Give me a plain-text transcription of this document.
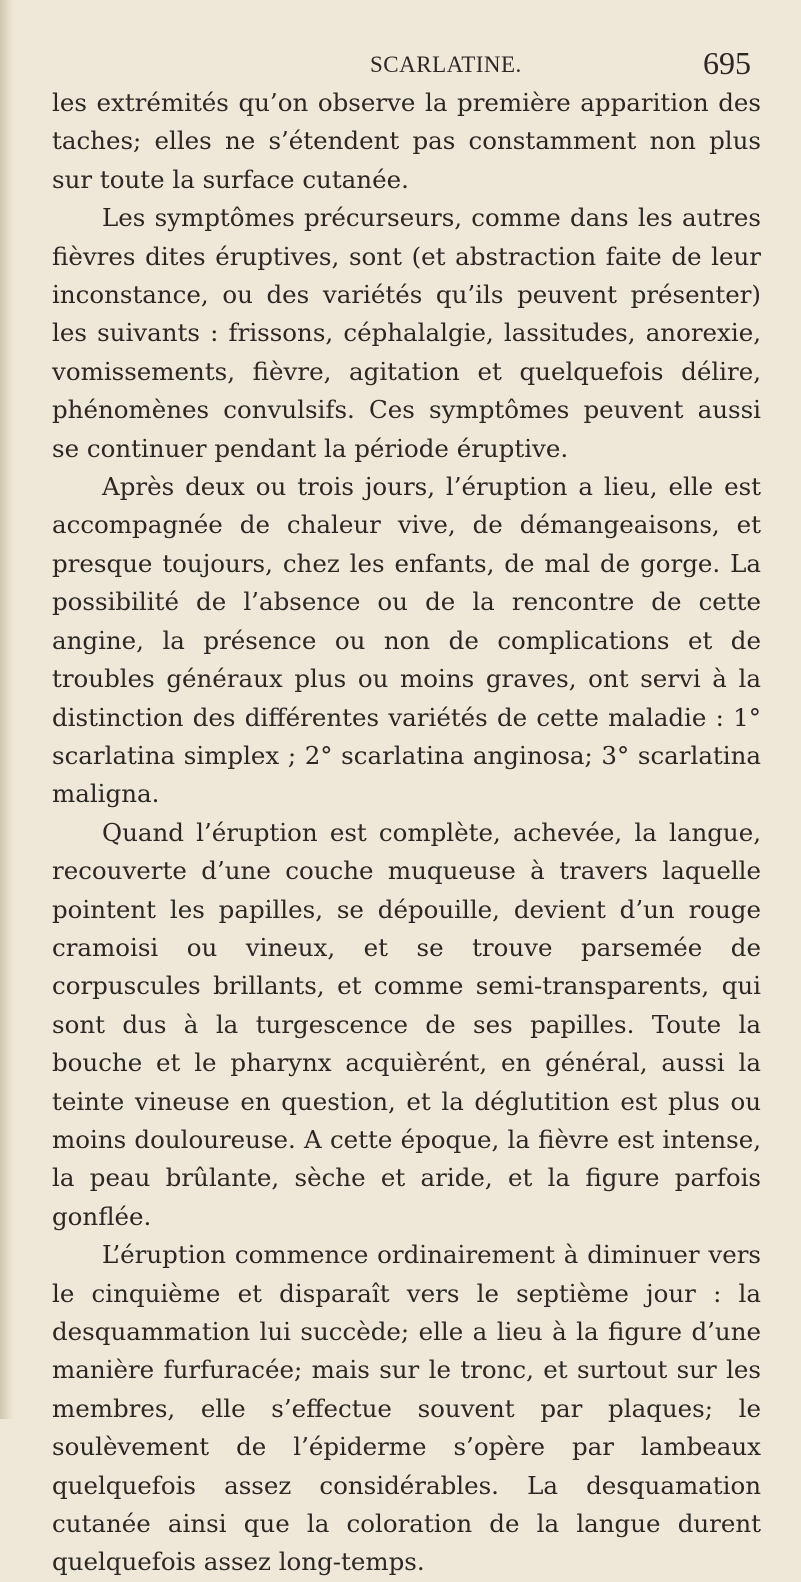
SCARLATINE.	695

les extrémités qu’on observe la première apparition des taches; elles ne s’étendent pas constamment non plus sur toute la surface cutanée.

Les symptômes précurseurs, comme dans les autres fièvres dites éruptives, sont (et abstraction faite de leur inconstance, ou des variétés qu’ils peuvent présenter) les suivants : frissons, céphalalgie, lassitudes, anorexie, vomissements, fièvre, agitation et quelquefois délire, phénomènes convulsifs. Ces symptômes peuvent aussi se continuer pendant la période éruptive.

Après deux ou trois jours, l’éruption a lieu, elle est accompagnée de chaleur vive, de démangeaisons, et presque toujours, chez les enfants, de mal de gorge. La possibilité de l’absence ou de la rencontre de cette angine, la présence ou non de complications et de troubles généraux plus ou moins graves, ont servi à la distinction des différentes variétés de cette maladie : 1° scarlatina simplex ; 2° scarlatina anginosa; 3° scarlatina maligna.

Quand l’éruption est complète, achevée, la langue, recouverte d’une couche muqueuse à travers laquelle pointent les papilles, se dépouille, devient d’un rouge cramoisi ou vineux, et se trouve parsemée de corpuscules brillants, et comme semi-transparents, qui sont dus à la turgescence de ses papilles. Toute la bouche et le pharynx acquièrént, en général, aussi la teinte vineuse en question, et la déglutition est plus ou moins douloureuse. A cette époque, la fièvre est intense, la peau brûlante, sèche et aride, et la figure parfois gonflée.

L’éruption commence ordinairement à diminuer vers le cinquième et disparaît vers le septième jour : la desquammation lui succède; elle a lieu à la figure d’une manière furfuracée; mais sur le tronc, et surtout sur les membres, elle s’effectue souvent par plaques; le soulèvement de l’épiderme s’opère par lambeaux quelquefois assez considérables. La desquamation cutanée ainsi que la coloration de la langue durent quelquefois assez long-temps.
